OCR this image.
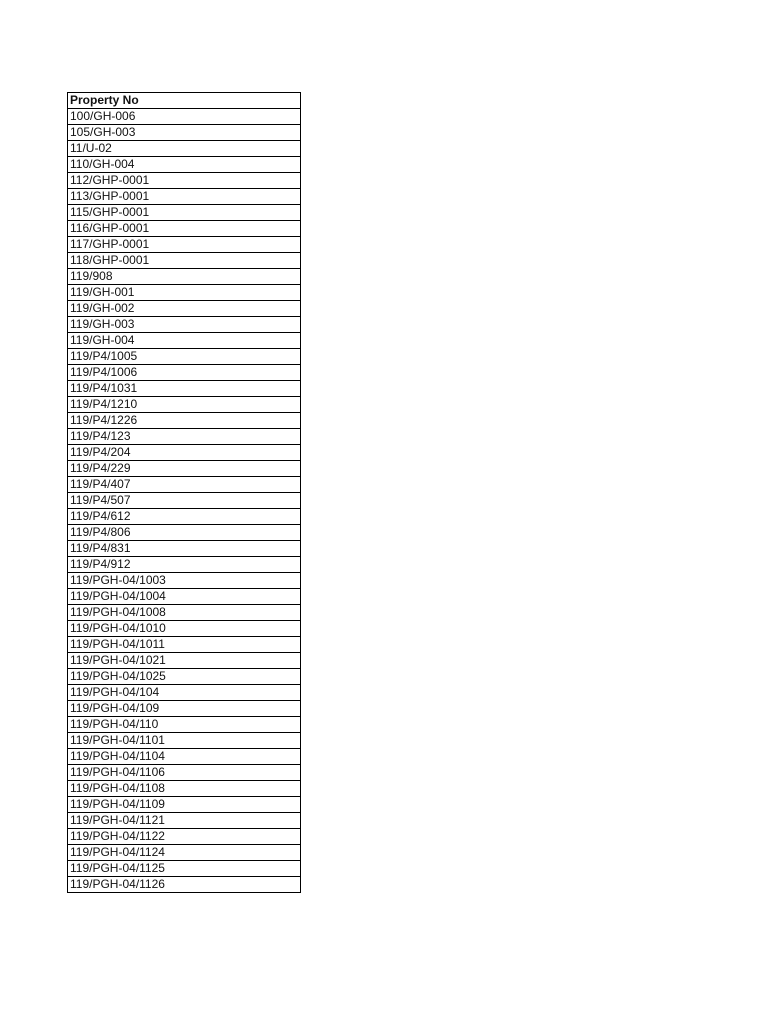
Property No
100/GH-006
105/GH-003
11/U-02
110/GH-004
112/GHP-0001
113/GHP-0001
115/GHP-0001
116/GHP-0001
117/GHP-0001
118/GHP-0001
119/908
119/GH-001
119/GH-002
119/GH-003
119/GH-004
119/P4/1005
119/P4/1006
119/P4/1031
119/P4/1210
119/P4/1226
119/P4/123
119/P4/204
119/P4/229
119/P4/407
119/P4/507
119/P4/612
119/P4/806
119/P4/831
119/P4/912
119/PGH-04/1003
119/PGH-04/1004
119/PGH-04/1008
119/PGH-04/1010
119/PGH-04/1011
119/PGH-04/1021
119/PGH-04/1025
119/PGH-04/104
119/PGH-04/109
119/PGH-04/110
119/PGH-04/1101
119/PGH-04/1104
119/PGH-04/1106
119/PGH-04/1108
119/PGH-04/1109
119/PGH-04/1121
119/PGH-04/1122
119/PGH-04/1124
119/PGH-04/1125
119/PGH-04/1126
